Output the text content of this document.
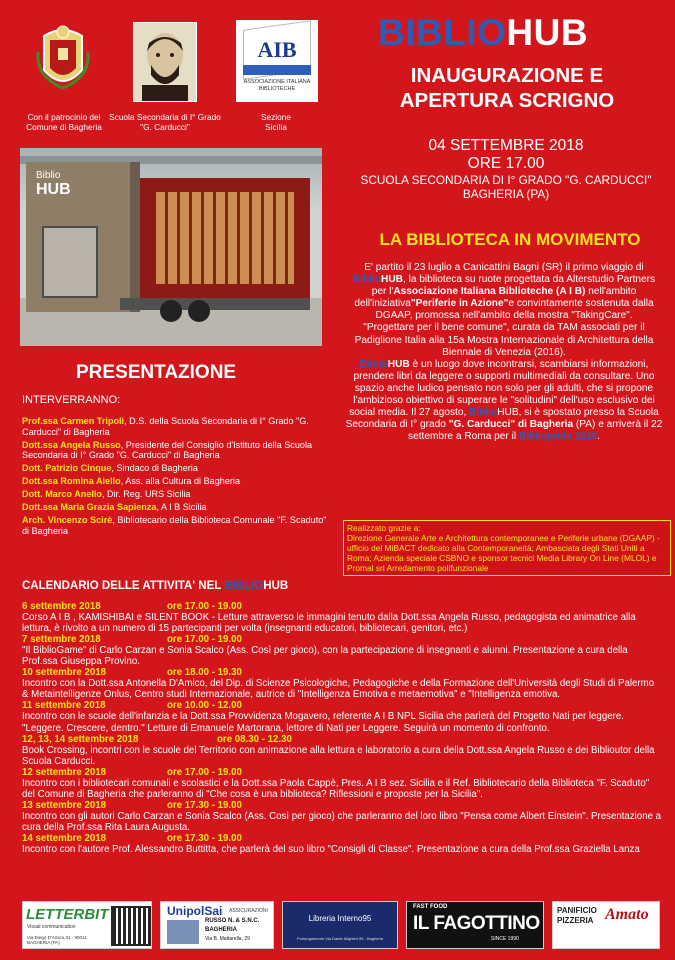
Con il patrocinio del
Comune di Bagheria
Scuola Secondaria di I° Grado
"G. Carducci"
AIB
ASSOCIAZIONE ITALIANA BIBLIOTECHE
Sezione
Sicilia
BIBLIOHUB
INAUGURAZIONE E
APERTURA SCRIGNO
04 SETTEMBRE 2018
ORE 17.00
SCUOLA SECONDARIA DI I° GRADO "G. CARDUCCI"
BAGHERIA (PA)
Biblio
HUB
LA BIBLIOTECA IN MOVIMENTO
E' partito il 23 luglio a Canicattini Bagni (SR) il primo viaggio di BiblioHUB, la biblioteca su ruote progettata da Alterstudio Partners per l'Associazione Italiana Biblioteche (A I B) nell'ambito dell'iniziativa"Periferie in Azione"e convintamente sostenuta dalla DGAAP, promossa nell'ambito della mostra "TakingCare".
"Progettare per il bene comune", curata da TAM associati per il Padiglione Italia alla 15a Mostra Internazionale di Architettura della Biennale di Venezia (2016).
BiblioHUB è un luogo dove incontrarsi, scambiarsi informazioni, prendere libri da leggere o supporti multimediali da consultare. Uno spazio anche ludico pensato non solo per gli adulti, che si propone l'ambizioso obiettivo di superare le "solitudini" dell'uso esclusivo dei social media. Il 27 agosto, BiblioHUB, si è spostato presso la Scuola Secondaria di I° grado "G. Carducci" di Bagheria (PA) e arriverà il 22 settembre a Roma per il Bibliopride 2018.
Realizzato grazie a:
Direzione Generale Arte e Architettura contemporanee e Periferie urbane (DGAAP) - ufficio del MiBACT dedicato alla Contemporaneità; Ambasciata degli Stati Uniti a Roma; Azienda speciale CSBNO e sponsor tecnici Media Library On Line (MLOL) e Promal srl Arredamento polifunzionale
PRESENTAZIONE
INTERVERRANNO:
Prof.ssa Carmen Tripoli, D.S. della Scuola Secondaria di I° Grado "G. Carducci" di Bagheria
Dott.ssa Angela Russo, Presidente del Consiglio d'Istituto della Scuola Secondaria di I° Grado "G. Carducci" di Bagheria
Dott. Patrizio Cinque, Sindaco di Bagheria
Dott.ssa Romina Aiello, Ass. alla Cultura di Bagheria
Dott. Marco Anello, Dir. Reg. URS Sicilia
Dott.ssa Maria Grazia Sapienza, A I B Sicilia
Arch. Vincenzo Scirè, Bibliotecario della Biblioteca Comunale "F. Scaduto" di Bagheria
CALENDARIO DELLE ATTIVITA' NEL BIBLIOHUB
6 settembre 2018	ore 17.00 - 19.00
Corso A I B , KAMISHIBAI e SILENT BOOK - Letture attraverso le immagini tenuto dalla Dott.ssa Angela Russo, pedagogista ed animatrice alla lettura, è rivolto a un numero di 15 partecipanti per volta (insegnanti educatori, bibliotecari, genitori, etc.)
7 settembre 2018	ore 17.00 - 19.00
"Il BiblioGame" di Carlo Carzan e Sonia Scalco (Ass. Così per gioco), con la partecipazione di insegnanti e alunni. Presentazione a cura della Prof.ssa Giuseppa Provino.
10 settembre 2018	ore 18.00 - 19.30
Incontro con la Dott.ssa Antonella D'Amico, del Dip. di Scienze Psicologiche, Pedagogiche e della Formazione dell'Università degli Studi di Palermo & Metaintelligenze Onlus, Centro studi Internazionale, autrice di "Intelligenza Emotiva e metaemotiva" e "Intelligenza emotiva.
11 settembre 2018	ore 10.00 - 12.00
Incontro con le scuole dell'infanzia e la Dott.ssa Provvidenza Mogavero, referente A I B NPL Sicilia che parlerà del Progetto Nati per leggere. "Leggere. Crescere, dentro." Letture di Emanuele Martorana, lettore di Nati per Leggere. Seguirà un momento di confronto.
12, 13, 14 settembre 2018	ore 08.30 - 12.30
Book Crossing, incontri con le scuole del Territorio con animazione alla lettura e laboratorio a cura della Dott.ssa Angela Russo e dei Biblioutor della Scuola Carducci.
12 settembre 2018	ore 17.00 - 19.00
Incontro con i bibliotecari comunali e scolastici e la Dott.ssa Paola Cappè, Pres. A I B sez. Sicilia e il Ref. Bibliotecario della Biblioteca "F. Scaduto" del Comune di Bagheria che parleranno di "Che cosa è una biblioteca? Riflessioni e proposte per la Sicilia".
13 settembre 2018	ore 17.30 - 19.00
Incontro con gli autori Carlo Carzan e Sonia Scalco (Ass. Così per gioco) che parleranno del loro libro "Pensa come Albert Einstein". Presentazione a cura della Prof.ssa Rita Laura Augusta.
14 settembre 2018	ore 17.30 - 19.00
Incontro con l'autore Prof. Alessandro Buttitta, che parlerà del suo libro "Consigli di Classe". Presentazione a cura della Prof.ssa Graziella Lanza
LETTERBIT
Visual communication
Via Diego D'Amico,31 - 90011 BAGHERIA (PA)
UnipolSai ASSICURAZIONI
RUSSO N. & S.N.C.
BAGHERIA
Via B. Mattarella, 29
Libreria Interno95
Prolungamento Via Dante Alighieri 95 - Bagheria
FAST FOOD
IL FAGOTTINO
SINCE 1990
PANIFICIO
PIZZERIA Amato
